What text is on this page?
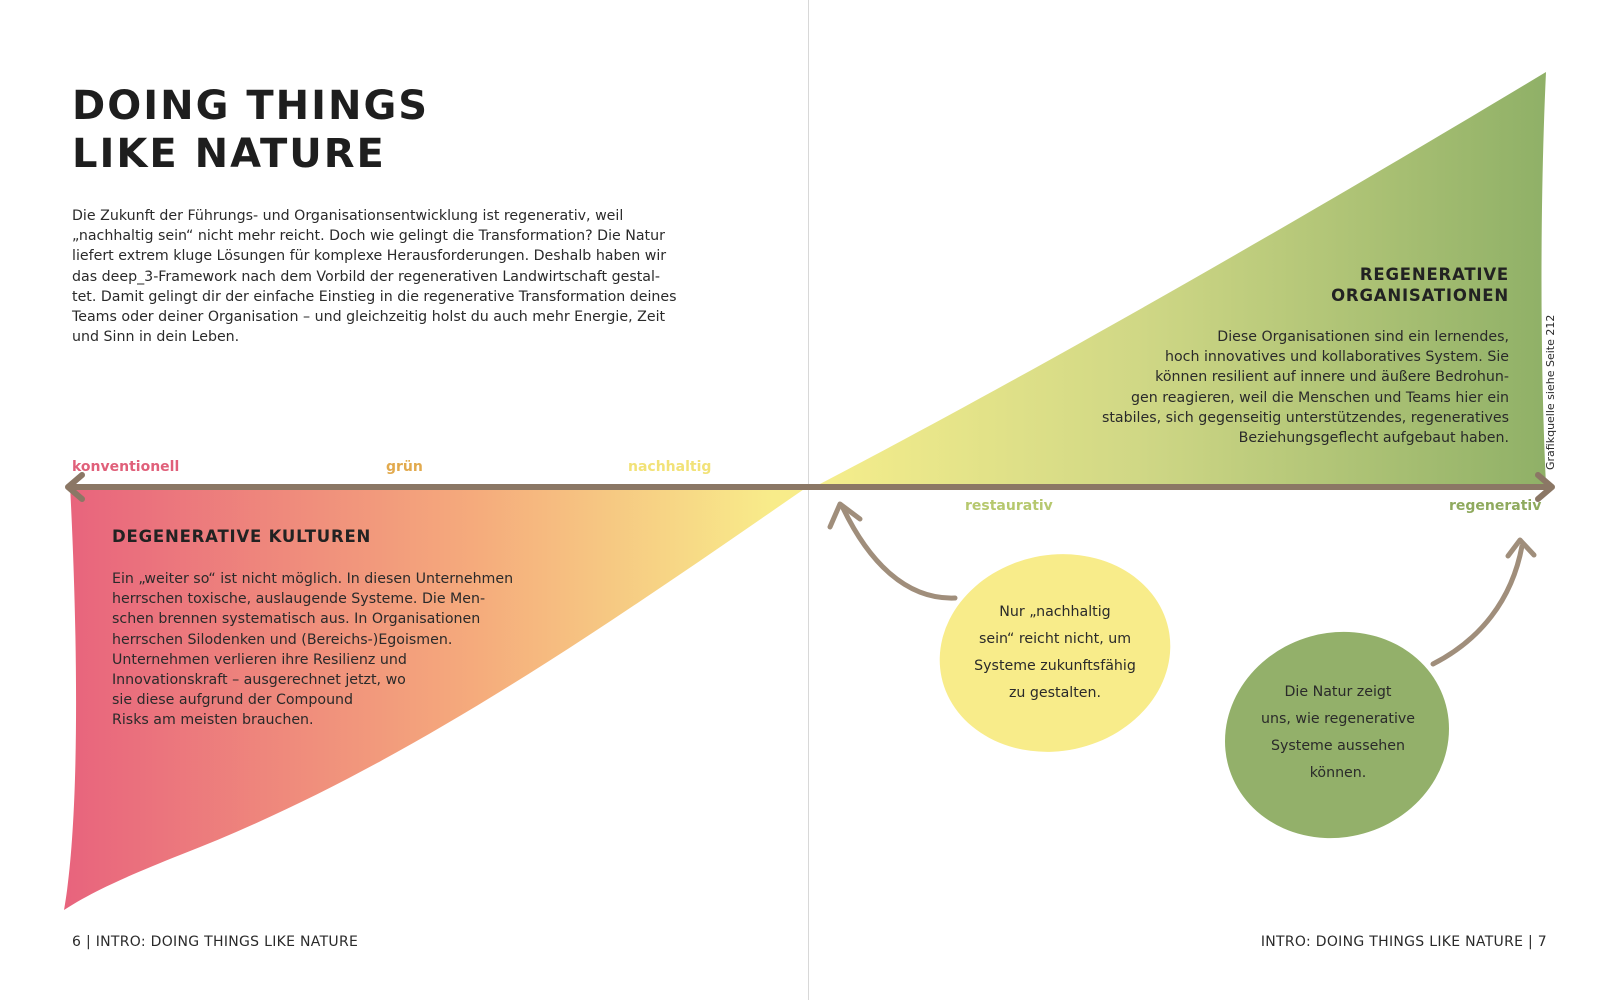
DOING THINGS
LIKE NATURE
Die Zukunft der Führungs- und Organisationsentwicklung ist regenerativ, weil
„nachhaltig sein“ nicht mehr reicht. Doch wie gelingt die Transformation? Die Natur
liefert extrem kluge Lösungen für komplexe Herausforderungen. Deshalb haben wir
das deep_3-Framework nach dem Vorbild der regenerativen Landwirtschaft gestal-
tet. Damit gelingt dir der einfache Einstieg in die regenerative Transformation deines
Teams oder deiner Organisation – und gleichzeitig holst du auch mehr Energie, Zeit
und Sinn in dein Leben.
konventionell	grün	nachhaltig
restaurativ	regenerativ
DEGENERATIVE KULTUREN
Ein „weiter so“ ist nicht möglich. In diesen Unternehmen
herrschen toxische, auslaugende Systeme. Die Men-
schen brennen systematisch aus. In Organisationen
herrschen Silodenken und (Bereichs-)Egoismen.
Unternehmen verlieren ihre Resilienz und
Innovationskraft – ausgerechnet jetzt, wo
sie diese aufgrund der Compound
Risks am meisten brauchen.
REGENERATIVE
ORGANISATIONEN
Diese Organisationen sind ein lernendes,
hoch innovatives und kollaboratives System. Sie
können resilient auf innere und äußere Bedrohun-
gen reagieren, weil die Menschen und Teams hier ein
stabiles, sich gegenseitig unterstützendes, regeneratives
Beziehungsgeflecht aufgebaut haben.
Nur „nachhaltig
sein“ reicht nicht, um
Systeme zukunftsfähig
zu gestalten.	Die Natur zeigt
uns, wie regenerative
Systeme aussehen
können.
Grafikquelle siehe Seite 212
6 | INTRO: DOING THINGS LIKE NATURE	INTRO: DOING THINGS LIKE NATURE | 7
